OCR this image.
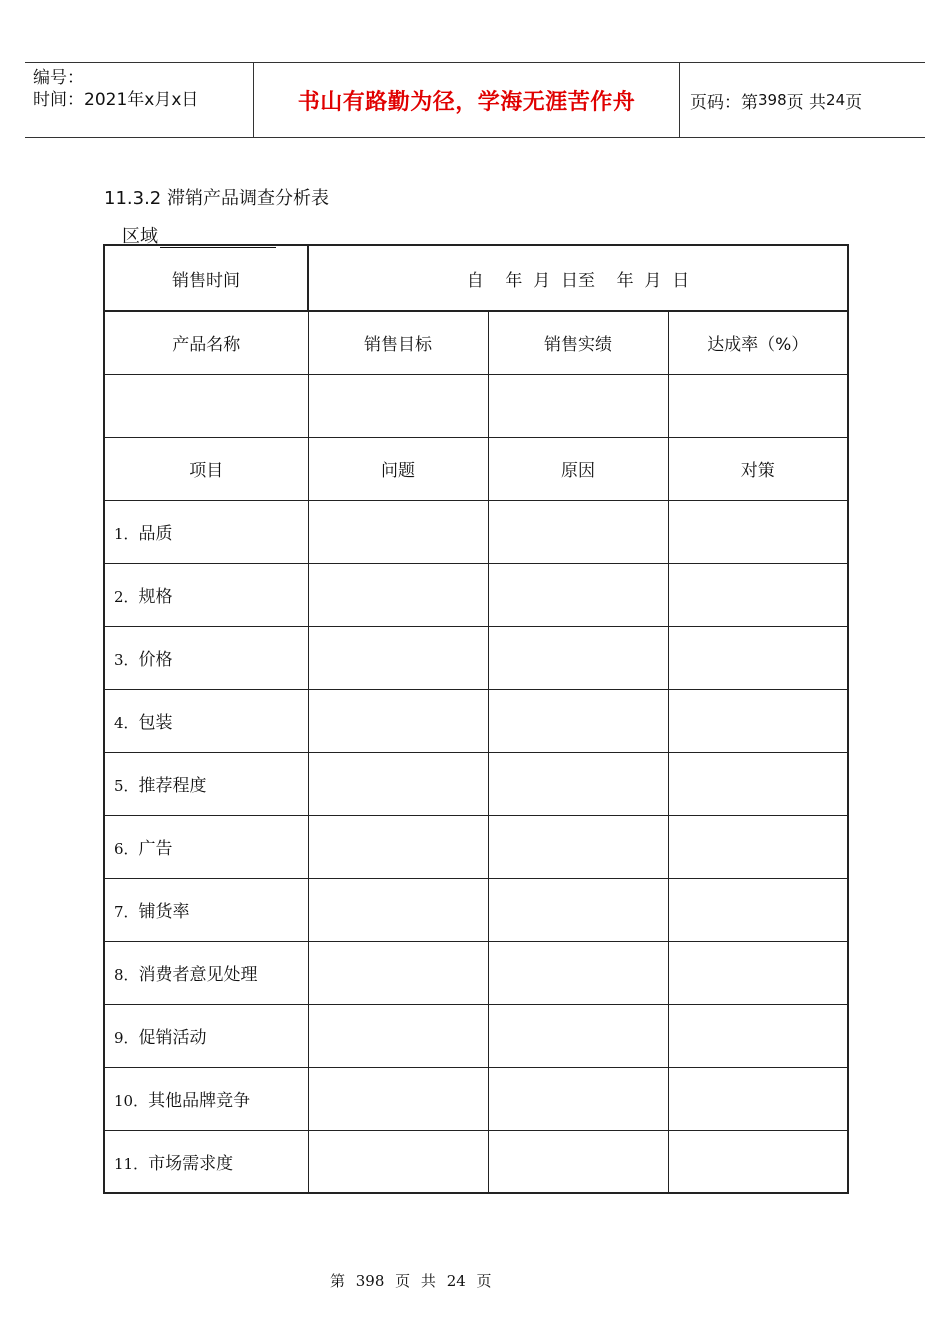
编号：
时间：2021年x月x日	书山有路勤为径，学海无涯苦作舟	页码：第 398 页 共 24 页
11.3.2 滞销产品调查分析表
区域
销售时间	自    年  月  日至    年  月  日		
产品名称	销售目标	销售实绩	达成率（%）

项目	问题	原因	对策
1．品质			
2．规格			
3．价格			
4．包装			
5．推荐程度			
6．广告			
7．铺货率			
8．消费者意见处理			
9．促销活动			
10．其他品牌竞争			
11．市场需求度			
第 398 页 共 24 页
